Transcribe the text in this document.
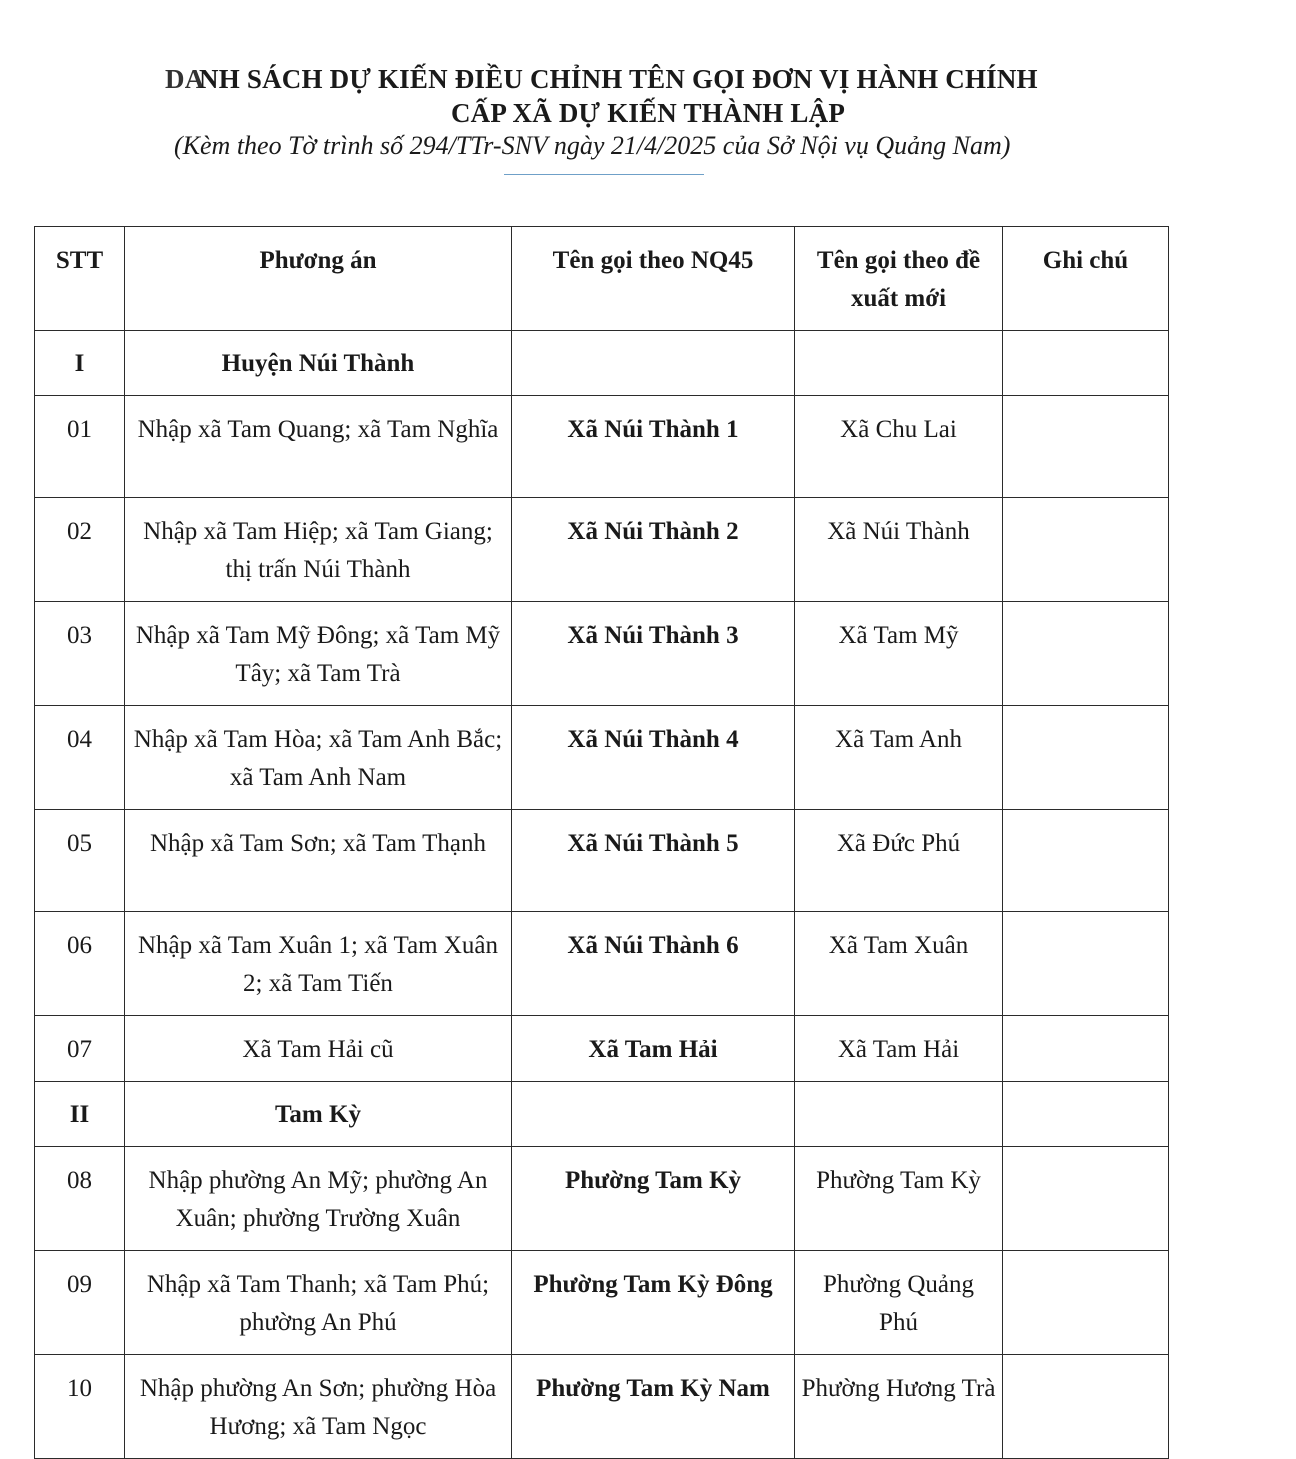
DANH SÁCH DỰ KIẾN ĐIỀU CHỈNH TÊN GỌI ĐƠN VỊ HÀNH CHÍNH
CẤP XÃ DỰ KIẾN THÀNH LẬP
(Kèm theo Tờ trình số 294/TTr-SNV ngày 21/4/2025 của Sở Nội vụ Quảng Nam)
STT	Phương án	Tên gọi theo NQ45	Tên gọi theo đề xuất mới	Ghi chú
I	Huyện Núi Thành			
01	Nhập xã Tam Quang; xã Tam Nghĩa	Xã Núi Thành 1	Xã Chu Lai	
02	Nhập xã Tam Hiệp; xã Tam Giang; thị trấn Núi Thành	Xã Núi Thành 2	Xã Núi Thành	
03	Nhập xã Tam Mỹ Đông; xã Tam Mỹ Tây; xã Tam Trà	Xã Núi Thành 3	Xã Tam Mỹ	
04	Nhập xã Tam Hòa; xã Tam Anh Bắc; xã Tam Anh Nam	Xã Núi Thành 4	Xã Tam Anh	
05	Nhập xã Tam Sơn; xã Tam Thạnh	Xã Núi Thành 5	Xã Đức Phú	
06	Nhập xã Tam Xuân 1; xã Tam Xuân 2; xã Tam Tiến	Xã Núi Thành 6	Xã Tam Xuân	
07	Xã Tam Hải cũ	Xã Tam Hải	Xã Tam Hải	
II	Tam Kỳ			
08	Nhập phường An Mỹ; phường An Xuân; phường Trường Xuân	Phường Tam Kỳ	Phường Tam Kỳ	
09	Nhập xã Tam Thanh; xã Tam Phú; phường An Phú	Phường Tam Kỳ Đông	Phường Quảng Phú	
10	Nhập phường An Sơn; phường Hòa Hương; xã Tam Ngọc	Phường Tam Kỳ Nam	Phường Hương Trà	
